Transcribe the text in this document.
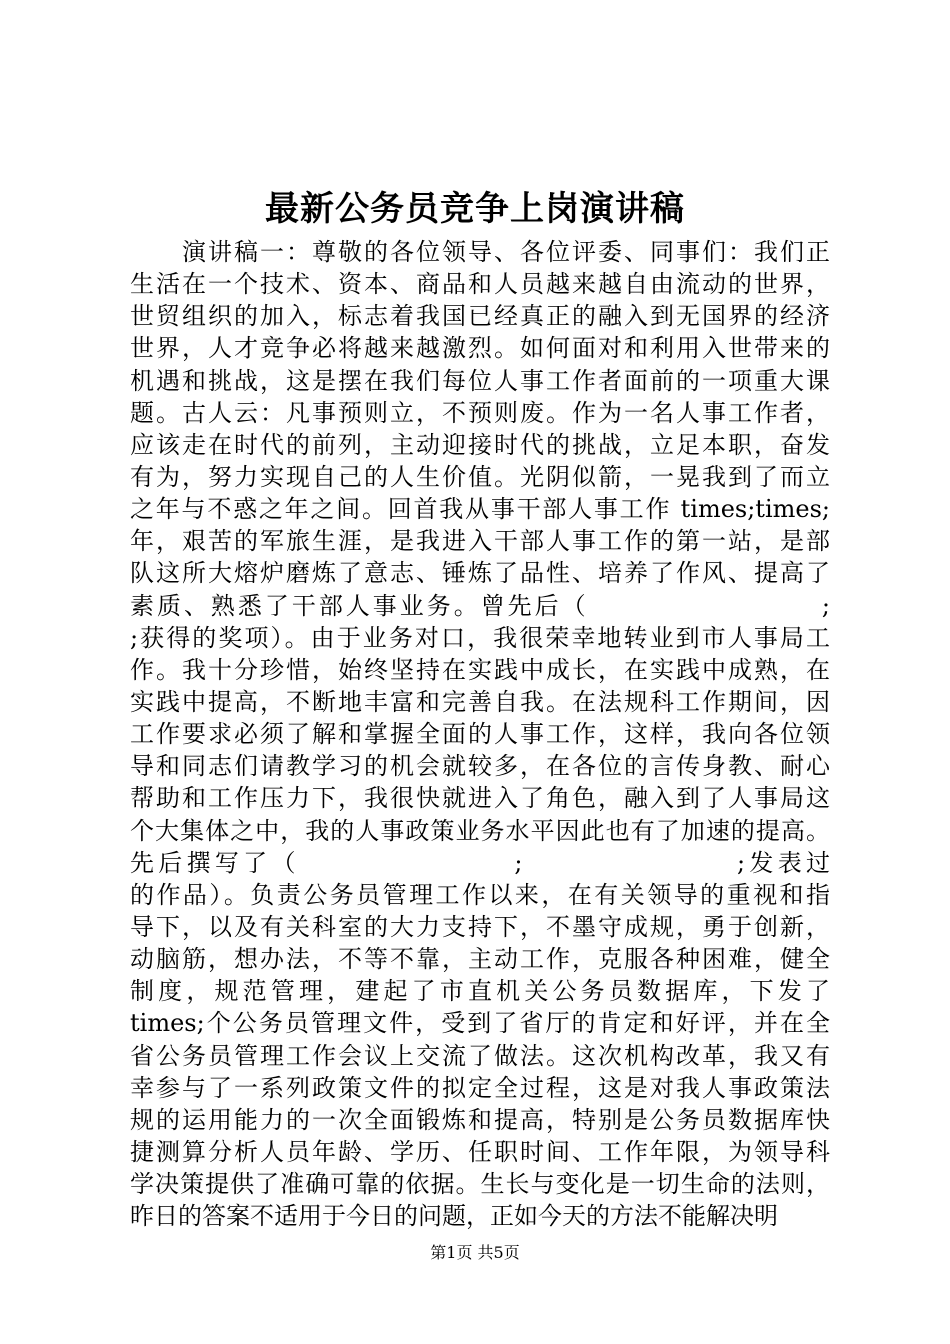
最新公务员竞争上岗演讲稿
　　演讲稿一：尊敬的各位领导、各位评委、同事们：我们正
生活在一个技术、资本、商品和人员越来越自由流动的世界，
世贸组织的加入，标志着我国已经真正的融入到无国界的经济
世界，人才竞争必将越来越激烈。如何面对和利用入世带来的
机遇和挑战，这是摆在我们每位人事工作者面前的一项重大课
题。古人云：凡事预则立，不预则废。作为一名人事工作者，
应该走在时代的前列，主动迎接时代的挑战，立足本职，奋发
有为，努力实现自己的人生价值。光阴似箭，一晃我到了而立
之年与不惑之年之间。回首我从事干部人事工作 times;times;
年，艰苦的军旅生涯，是我进入干部人事工作的第一站，是部
队这所大熔炉磨炼了意志、锤炼了品性、培养了作风、提高了
素质、熟悉了干部人事业务。曾先后（                      ;
;获得的奖项）。由于业务对口，我很荣幸地转业到市人事局工
作。我十分珍惜，始终坚持在实践中成长，在实践中成熟，在
实践中提高，不断地丰富和完善自我。在法规科工作期间，因
工作要求必须了解和掌握全面的人事工作，这样，我向各位领
导和同志们请教学习的机会就较多，在各位的言传身教、耐心
帮助和工作压力下，我很快就进入了角色，融入到了人事局这
个大集体之中，我的人事政策业务水平因此也有了加速的提高。
先后撰写了（                  ;                  ;发表过
的作品）。负责公务员管理工作以来，在有关领导的重视和指
导下，以及有关科室的大力支持下，不墨守成规，勇于创新，
动脑筋，想办法，不等不靠，主动工作，克服各种困难，健全
制度，规范管理，建起了市直机关公务员数据库，下发了
times;个公务员管理文件，受到了省厅的肯定和好评，并在全
省公务员管理工作会议上交流了做法。这次机构改革，我又有
幸参与了一系列政策文件的拟定全过程，这是对我人事政策法
规的运用能力的一次全面锻炼和提高，特别是公务员数据库快
捷测算分析人员年龄、学历、任职时间、工作年限，为领导科
学决策提供了准确可靠的依据。生长与变化是一切生命的法则，
昨日的答案不适用于今日的问题，正如今天的方法不能解决明
第1页 共5页
